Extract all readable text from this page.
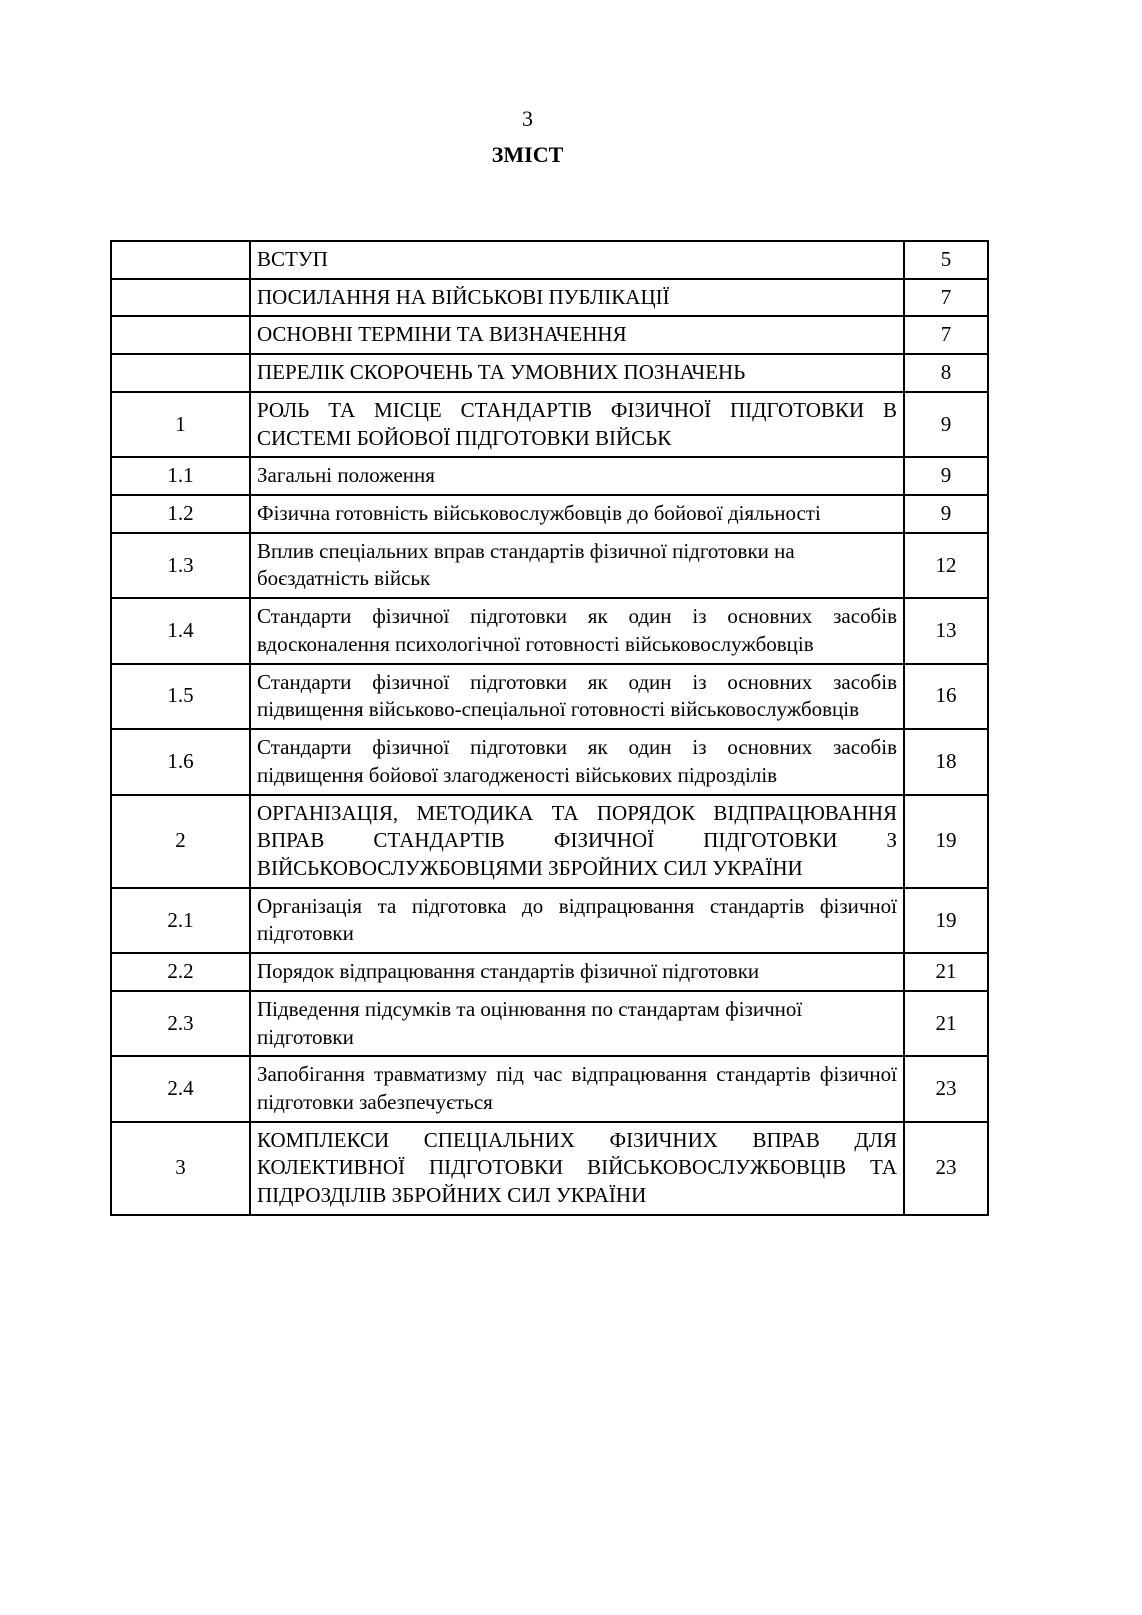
3
ЗМІСТ
	ВСТУП	5
	ПОСИЛАННЯ НА ВІЙСЬКОВІ ПУБЛІКАЦІЇ	7
	ОСНОВНІ ТЕРМІНИ ТА ВИЗНАЧЕННЯ	7
	ПЕРЕЛІК СКОРОЧЕНЬ ТА УМОВНИХ ПОЗНАЧЕНЬ	8
1	РОЛЬ ТА МІСЦЕ СТАНДАРТІВ ФІЗИЧНОЇ ПІДГОТОВКИ В СИСТЕМІ БОЙОВОЇ ПІДГОТОВКИ ВІЙСЬК	9
1.1	Загальні положення	9
1.2	Фізична готовність військовослужбовців до бойової діяльності	9
1.3	Вплив спеціальних вправ стандартів фізичної підготовки на боєздатність військ	12
1.4	Стандарти фізичної підготовки як один із основних засобів вдосконалення психологічної готовності військовослужбовців	13
1.5	Стандарти фізичної підготовки як один із основних засобів підвищення військово-спеціальної готовності військовослужбовців	16
1.6	Стандарти фізичної підготовки як один із основних засобів підвищення бойової злагодженості військових підрозділів	18
2	ОРГАНІЗАЦІЯ, МЕТОДИКА ТА ПОРЯДОК ВІДПРАЦЮВАННЯ ВПРАВ СТАНДАРТІВ ФІЗИЧНОЇ ПІДГОТОВКИ З ВІЙСЬКОВОСЛУЖБОВЦЯМИ ЗБРОЙНИХ СИЛ УКРАЇНИ	19
2.1	Організація та підготовка до відпрацювання стандартів фізичної підготовки	19
2.2	Порядок відпрацювання стандартів фізичної підготовки	21
2.3	Підведення підсумків та оцінювання по стандартам фізичної підготовки	21
2.4	Запобігання травматизму під час відпрацювання стандартів фізичної підготовки забезпечується	23
3	КОМПЛЕКСИ СПЕЦІАЛЬНИХ ФІЗИЧНИХ ВПРАВ ДЛЯ КОЛЕКТИВНОЇ ПІДГОТОВКИ ВІЙСЬКОВОСЛУЖБОВЦІВ ТА ПІДРОЗДІЛІВ ЗБРОЙНИХ СИЛ УКРАЇНИ	23
